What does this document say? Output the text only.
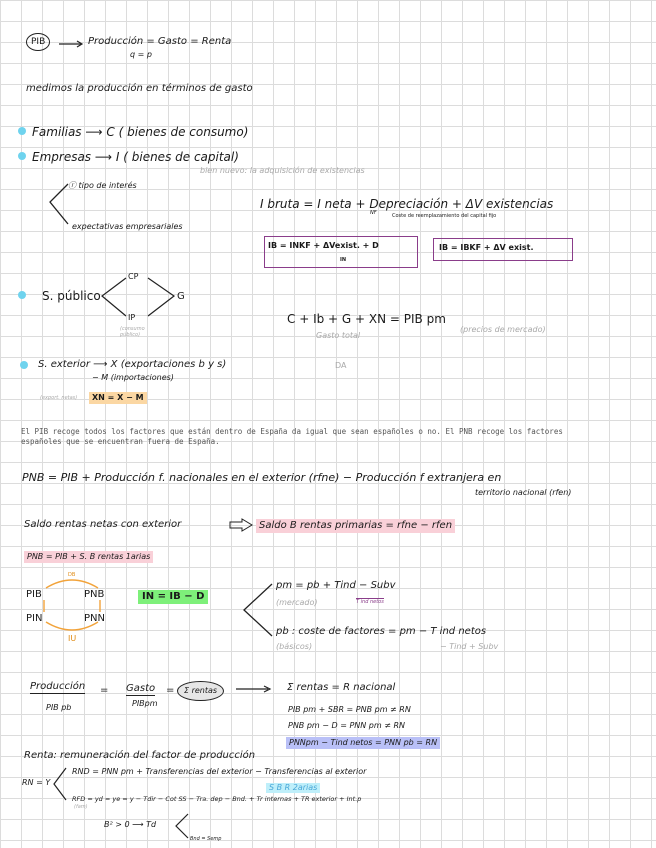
PIB	Producción = Gasto = Renta
q = p
medimos la producción en términos de gasto
Familias ⟶ C ( bienes de consumo)
Empresas ⟶ I ( bienes de capital)
bien nuevo: la adquisición de existencias
ⓡ tipo de interés
expectativas empresariales
I bruta = I neta + Depreciación + ΔV existencias
NF	Coste de reemplazamiento del capital fijo
IB = INKF + ΔVexist. + D
IN
IB = IBKF + ΔV exist.
S. público
CP
IP
G
(consumo público)
C + Ib + G + XN = PIB pm
(precios de mercado)
Gasto total
DA
S. exterior ⟶ X (exportaciones b y s)
− M (importaciones)
(export. netas)	XN = X − M
El PIB recoge todos los factores que están dentro de España da igual que sean españoles o no. El PNB recoge los factores españoles que se encuentran fuera de España.
PNB = PIB + Producción f. nacionales en el exterior (rfne) − Producción f extranjera en
territorio nacional (rfen)
Saldo rentas netas con exterior	Saldo B rentas primarias = rfne − rfen
PNB = PIB + S. B rentas 1arias
DB
PIB	PNB
PIN	PNN
IU
IN = IB − D
pm = pb + Tind − Subv
(mercado)	T ind netos
pb : coste de factores = pm − T ind netos
(básicos)	− Tind + Subv
Producción
PIB pb
= Gasto
PIBpm
=	Σ rentas	Σ rentas = R nacional
PIB pm + SBR = PNB pm ≠ RN
PNB pm − D = PNN pm ≠ RN
PNNpm − Tind netos = PNN pb = RN
Renta: remuneración del factor de producción
RN = Y
RND = PNN pm + Transferencias del exterior − Transferencias al exterior
S B R 2arias
RFD = yd = ye = y − Tdir − Cot SS − Tra. dep − Bnd. + Tr internas + TR exterior + Int.p
(fam)
B² > 0 ⟶ Td
Bnd = Semp
